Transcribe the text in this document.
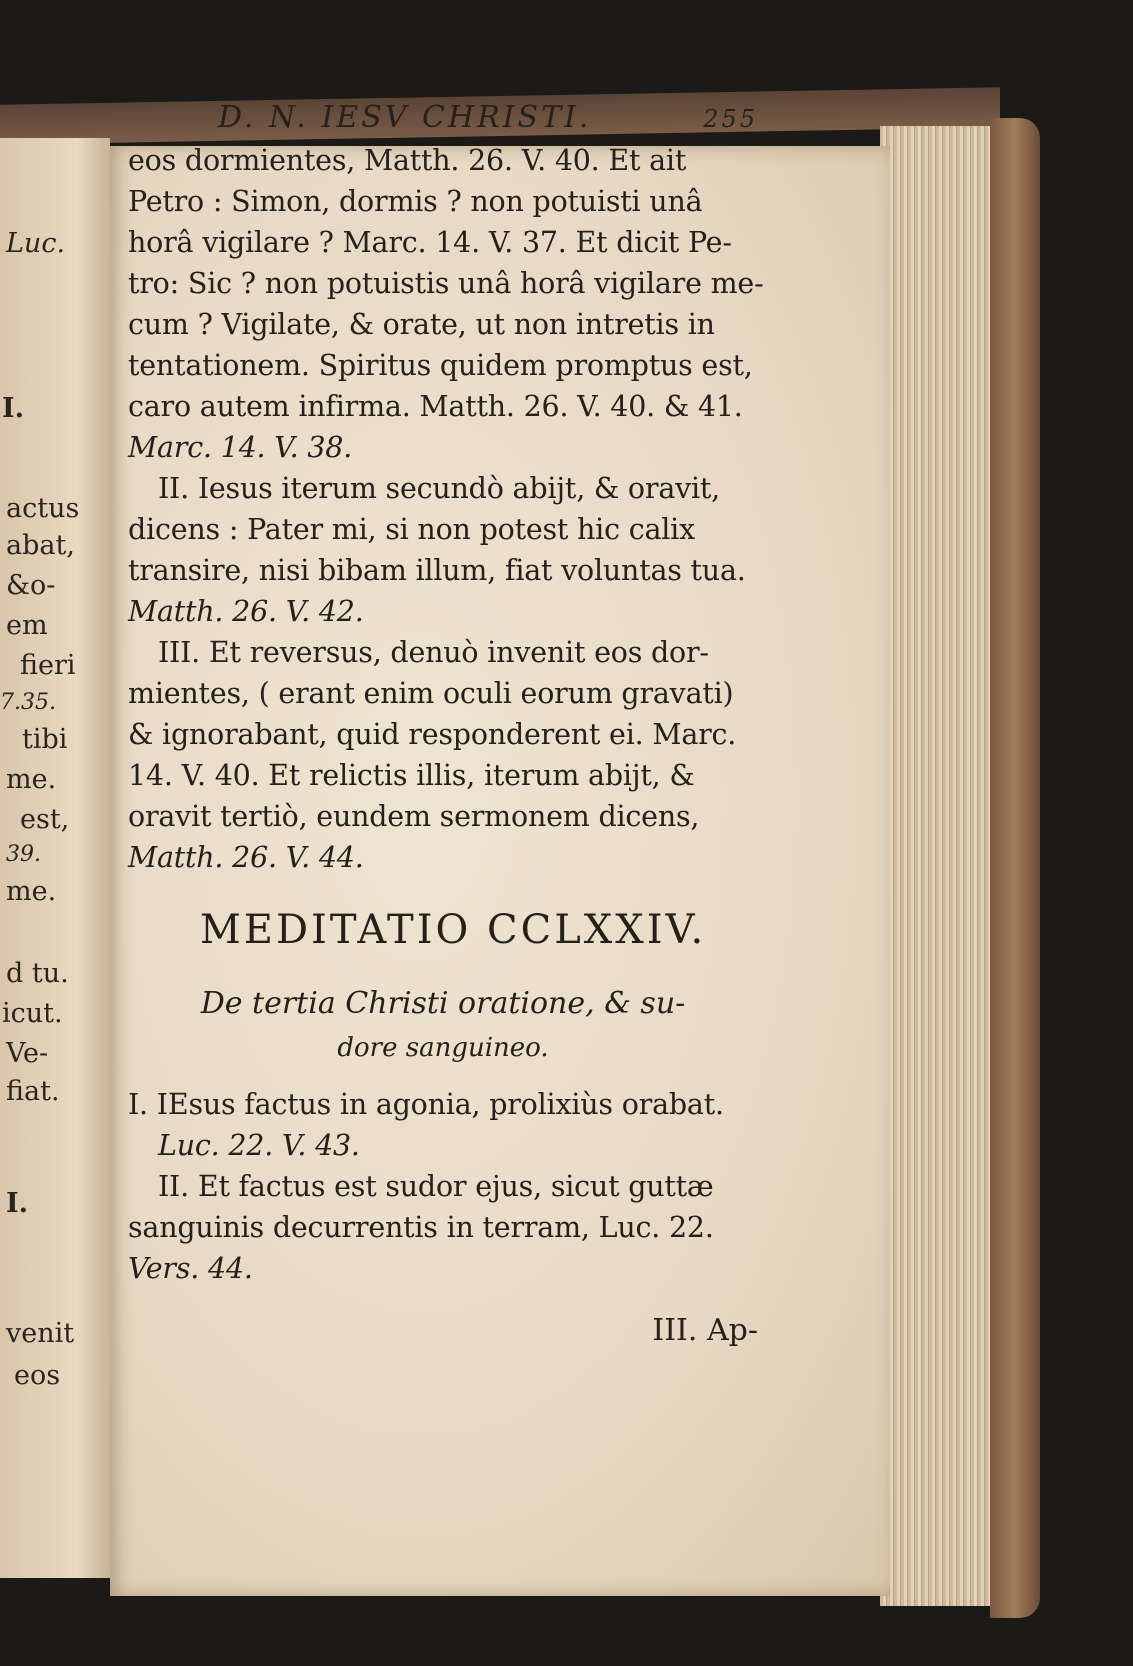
Luc.
I.
actus
abat,
&o-
em
fieri
7.35.
tibi
me.
est,
39.
me.
d tu.
icut.
Ve-
fiat.
I.
venit
eos
D. N. IESV CHRISTI.	255
eos dormientes, Matth. 26. V. 40. Et ait
Petro : Simon, dormis ? non potuisti unâ
horâ vigilare ? Marc. 14. V. 37. Et dicit Pe-
tro: Sic ? non potuistis unâ horâ vigilare me-
cum ? Vigilate, & orate, ut non intretis in
tentationem. Spiritus quidem promptus est,
caro autem infirma. Matth. 26. V. 40. & 41.
Marc. 14. V. 38.
II. Iesus iterum secundò abijt, & oravit,
dicens : Pater mi, si non potest hic calix
transire, nisi bibam illum, fiat voluntas tua.
Matth. 26. V. 42.
III. Et reversus, denuò invenit eos dor-
mientes, ( erant enim oculi eorum gravati)
& ignorabant, quid responderent ei. Marc.
14. V. 40. Et relictis illis, iterum abijt, &
oravit tertiò, eundem sermonem dicens,
Matth. 26. V. 44.
MEDITATIO CCLXXIV.
De tertia Christi oratione, & su-
dore sanguineo.
I. IEsus factus in agonia, prolixiùs orabat.
Luc. 22. V. 43.
II. Et factus est sudor ejus, sicut guttæ
sanguinis decurrentis in terram, Luc. 22.
Vers. 44.
III. Ap-
